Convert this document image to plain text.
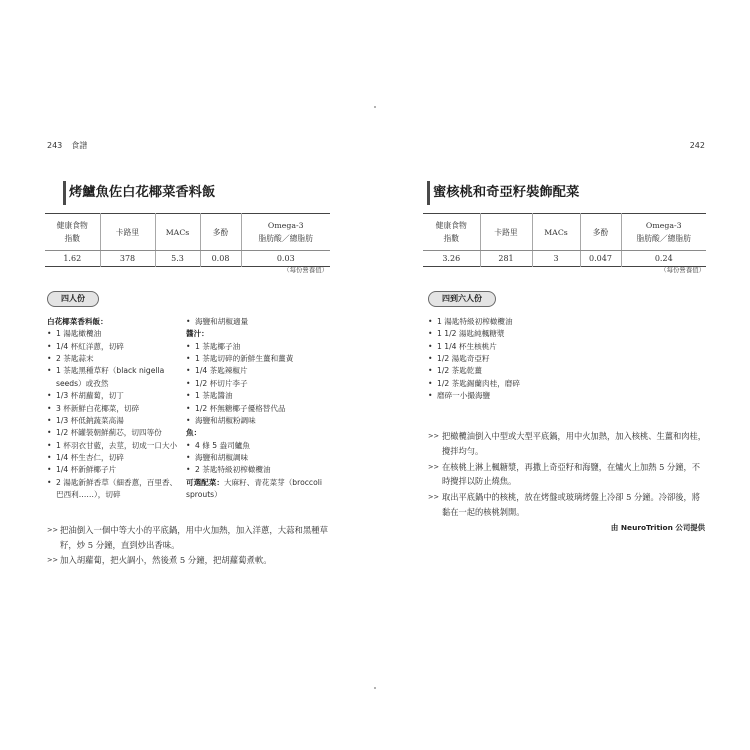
243 食譜
烤鱸魚佐白花椰菜香料飯
健康食物
指數	卡路里	MACs	多酚	Omega-3
脂肪酸／總脂肪
1.62	378	5.3	0.08	0.03
（每份營養值）
四人份
白花椰菜香料飯：
• 1 湯匙橄欖油
• 1/4 杯紅洋蔥，切碎
• 2 茶匙蒜末
• 1 茶匙黑種草籽（black nigella seeds）或孜然
• 1/3 杯胡蘿蔔，切丁
• 3 杯新鮮白花椰菜，切碎
• 1/3 杯低鈉蔬菜高湯
• 1/2 杯罐裝朝鮮薊芯，切四等份
• 1 杯羽衣甘藍，去莖，切成一口大小
• 1/4 杯生杏仁，切碎
• 1/4 杯新鮮椰子片
• 2 湯匙新鮮香草（細香蔥，百里香、巴西利……），切碎
• 海鹽和胡椒適量
醬汁：
• 1 茶匙椰子油
• 1 茶匙切碎的新鮮生薑和薑黃
• 1/4 茶匙辣椒片
• 1/2 杯切片李子
• 1 茶匙醬油
• 1/2 杯無糖椰子優格替代品
• 海鹽和胡椒粉調味
魚：
• 4 條 5 盎司鱸魚
• 海鹽和胡椒調味
• 2 茶匙特級初榨橄欖油
可選配菜：大麻籽、青花菜芽（broccoli sprouts）
>> 把油倒入一個中等大小的平底鍋，用中火加熱，加入洋蔥，大蒜和黑種草籽，炒 5 分鐘，直到炒出香味。
>> 加入胡蘿蔔，把火調小，然後煮 5 分鐘，把胡蘿蔔煮軟。
242
蜜核桃和奇亞籽裝飾配菜
健康食物
指數	卡路里	MACs	多酚	Omega-3
脂肪酸／總脂肪
3.26	281	3	0.047	0.24
（每份營養值）
四到六人份
• 1 湯匙特級初榨橄欖油
• 1 1/2 湯匙純楓糖漿
• 1 1/4 杯生核桃片
• 1/2 湯匙奇亞籽
• 1/2 茶匙乾薑
• 1/2 茶匙錫蘭肉桂，磨碎
• 磨碎一小撮海鹽
>> 把橄欖油倒入中型或大型平底鍋，用中火加熱，加入核桃、生薑和肉桂，攪拌均勻。
>> 在核桃上淋上楓糖漿，再撒上奇亞籽和海鹽，在爐火上加熱 5 分鐘，不時攪拌以防止燒焦。
>> 取出平底鍋中的核桃，放在烤盤或玻璃烤盤上冷卻 5 分鐘。冷卻後，將黏在一起的核桃剝開。
由 NeuroTrition 公司提供
